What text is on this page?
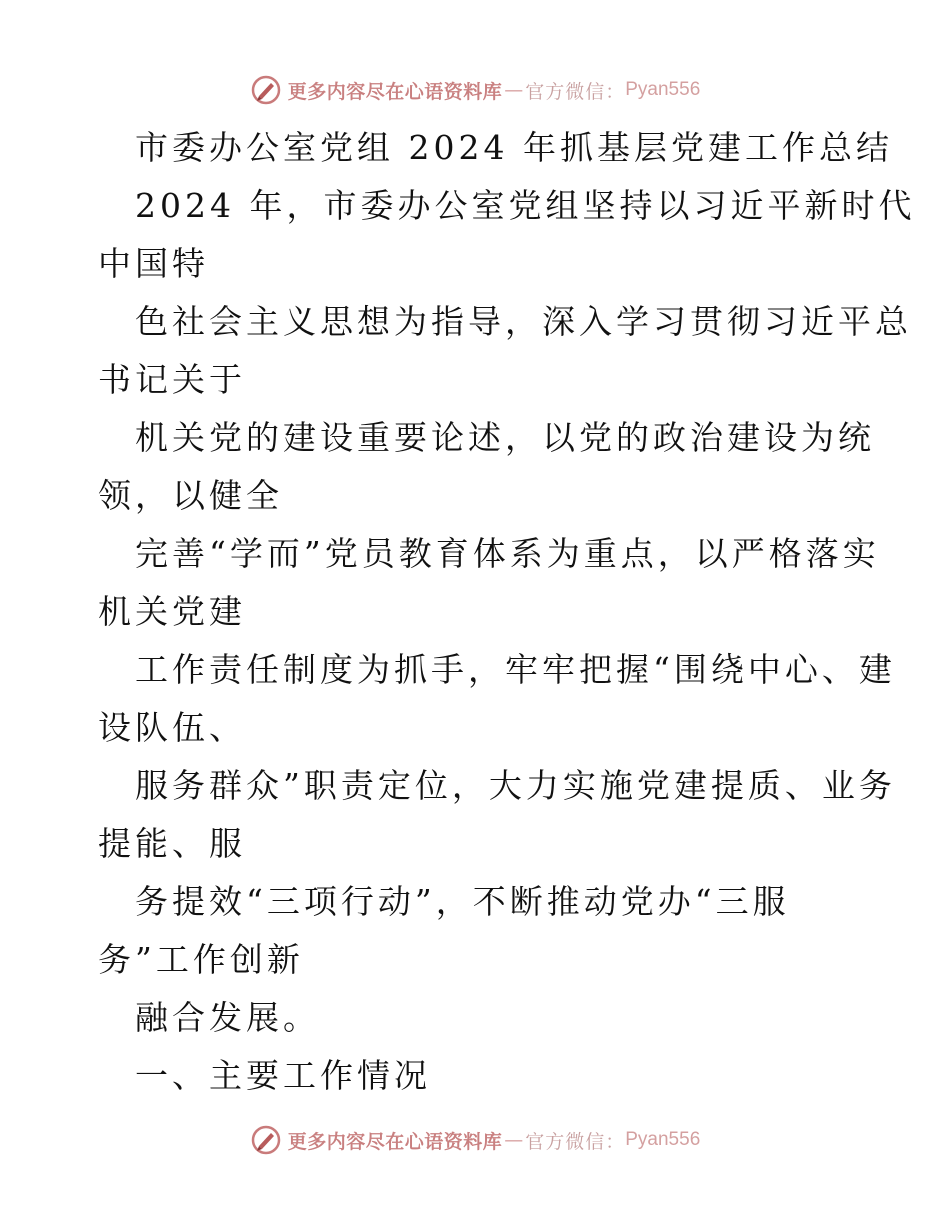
更多内容尽在心语资料库 — 官方微信： Pyan556
市委办公室党组 2024 年抓基层党建工作总结
2024 年，市委办公室党组坚持以习近平新时代
中国特
色社会主义思想为指导，深入学习贯彻习近平总
书记关于
机关党的建设重要论述，以党的政治建设为统
领，以健全
完善“学而”党员教育体系为重点，以严格落实
机关党建
工作责任制度为抓手，牢牢把握“围绕中心、建
设队伍、
服务群众”职责定位，大力实施党建提质、业务
提能、服
务提效“三项行动”，不断推动党办“三服
务”工作创新
融合发展。
一、主要工作情况
更多内容尽在心语资料库 — 官方微信： Pyan556
